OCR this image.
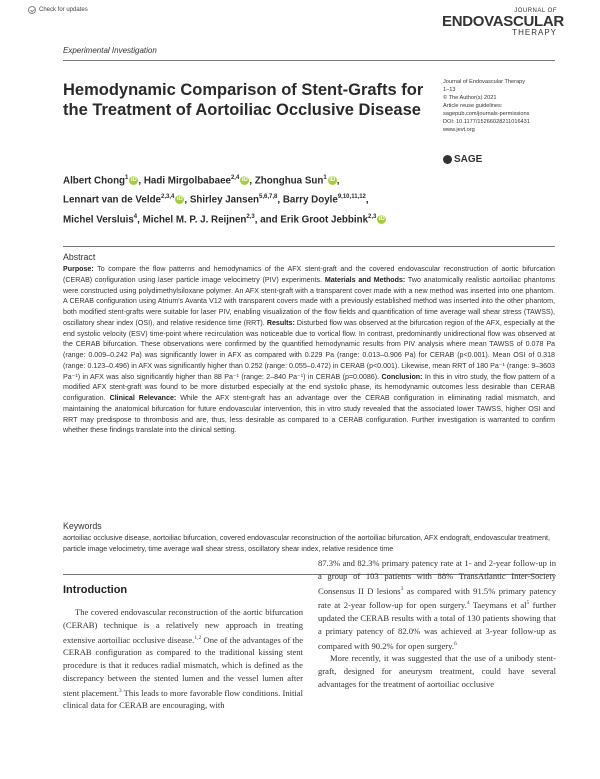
Check for updates
Experimental Investigation
JOURNAL OF
ENDOVASCULAR
THERAPY
Hemodynamic Comparison of Stent-Grafts for the Treatment of Aortoiliac Occlusive Disease
Journal of Endovascular Therapy
1–13
© The Author(s) 2021
Article reuse guidelines:
sagepub.com/journals-permissions
DOI: 10.1177/15266028211016431
www.jevt.org
SAGE
Albert Chong$^1$ iD , Hadi Mirgolbabaee$^{2,4}$ iD , Zhonghua Sun$^1$ iD ,
Lennart van de Velde$^{2,3,4}$ iD , Shirley Jansen$^{5,6,7,8}$, Barry Doyle$^{9,10,11,12}$,
Michel Versluis$^4$, Michel M. P. J. Reijnen$^{2,3}$, and Erik Groot Jebbink$^{2,3}$ iD
Abstract
Purpose: To compare the flow patterns and hemodynamics of the AFX stent-graft and the covered endovascular reconstruction of aortic bifurcation (CERAB) configuration using laser particle image velocimetry (PIV) experiments. Materials and Methods: Two anatomically realistic aortoiliac phantoms were constructed using polydimethylsiloxane polymer. An AFX stent-graft with a transparent cover made with a new method was inserted into one phantom. A CERAB configuration using Atrium's Avanta V12 with transparent covers made with a previously established method was inserted into the other phantom, both modified stent-grafts were suitable for laser PIV, enabling visualization of the flow fields and quantification of time average wall shear stress (TAWSS), oscillatory shear index (OSI), and relative residence time (RRT). Results: Disturbed flow was observed at the bifurcation region of the AFX, especially at the end systolic velocity (ESV) time-point where recirculation was noticeable due to vortical flow. In contrast, predominantly unidirectional flow was observed at the CERAB bifurcation. These observations were confirmed by the quantified hemodynamic results from PIV analysis where mean TAWSS of 0.078 Pa (range: 0.009–0.242 Pa) was significantly lower in AFX as compared with 0.229 Pa (range: 0.013–0.906 Pa) for CERAB (p<0.001). Mean OSI of 0.318 (range: 0.123–0.496) in AFX was significantly higher than 0.252 (range: 0.055–0.472) in CERAB (p<0.001). Likewise, mean RRT of 180 Pa⁻¹ (range: 9–3603 Pa⁻¹) in AFX was also significantly higher than 88 Pa⁻¹ (range: 2–840 Pa⁻¹) in CERAB (p=0.0086). Conclusion: In this in vitro study, the flow pattern of a modified AFX stent-graft was found to be more disturbed especially at the end systolic phase, its hemodynamic outcomes less desirable than CERAB configuration. Clinical Relevance: While the AFX stent-graft has an advantage over the CERAB configuration in eliminating radial mismatch, and maintaining the anatomical bifurcation for future endovascular intervention, this in vitro study revealed that the associated lower TAWSS, higher OSI and RRT may predispose to thrombosis and are, thus, less desirable as compared to a CERAB configuration. Further investigation is warranted to confirm whether these findings translate into the clinical setting.
Keywords
aortoiliac occlusive disease, aortoiliac bifurcation, covered endovascular reconstruction of the aortoiliac bifurcation, AFX endograft, endovascular treatment, particle image velocimetry, time average wall shear stress, oscillatory shear index, relative residence time
Introduction

The covered endovascular reconstruction of the aortic bifurcation (CERAB) technique is a relatively new approach in treating extensive aortoiliac occlusive disease.$^{1,2}$ One of the advantages of the CERAB configuration as compared to the traditional kissing stent procedure is that it reduces radial mismatch, which is defined as the discrepancy between the stented lumen and the vessel lumen after stent placement.$^3$ This leads to more favorable flow conditions. Initial clinical data for CERAB are encouraging, with

87.3% and 82.3% primary patency rate at 1- and 2-year follow-up in a group of 103 patients with 88% TransAtlantic Inter-Society Consensus II D lesions$^3$ as compared with 91.5% primary patency rate at 2-year follow-up for open surgery.$^4$ Taeymans et $al^5$ further updated the CERAB results with a total of 130 patients showing that a primary patency of 82.0% was achieved at 3-year follow-up as compared with 90.2% for open surgery.$^6$

More recently, it was suggested that the use of a unibody stent-graft, designed for aneurysm treatment, could have several advantages for the treatment of aortoiliac occlusive
